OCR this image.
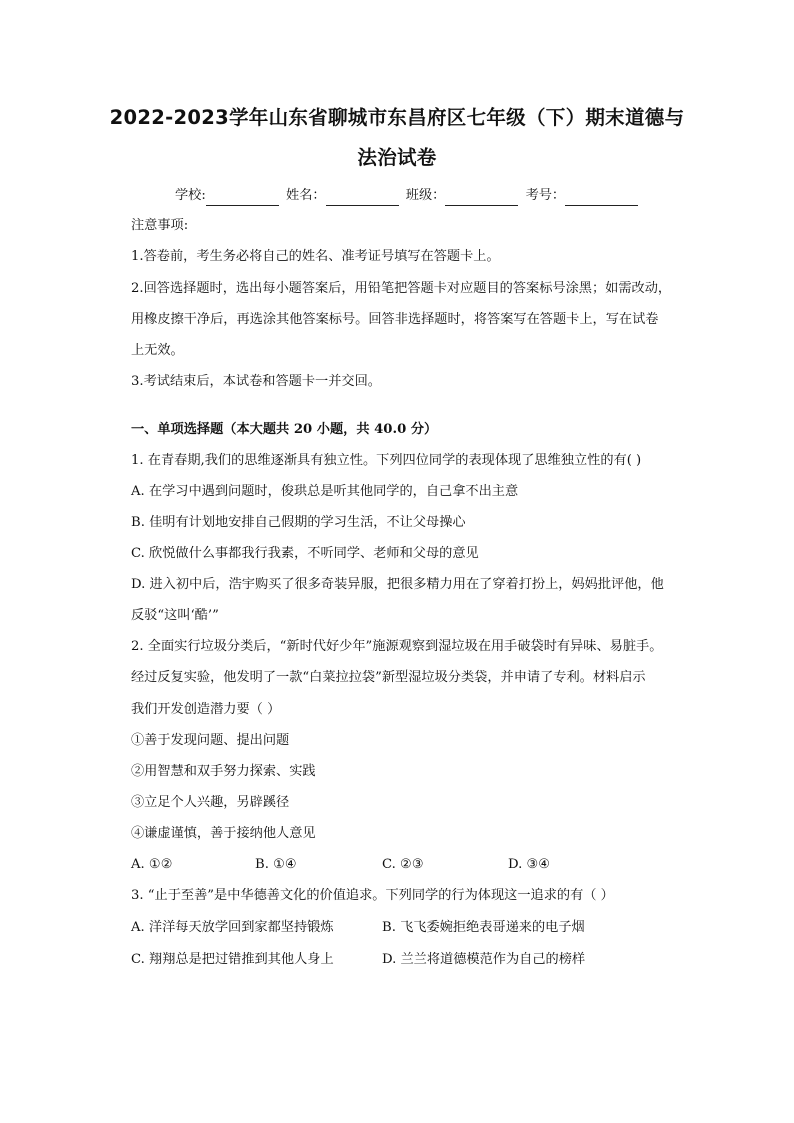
2022-2023学年山东省聊城市东昌府区七年级（下）期末道德与
法治试卷
学校:	姓名：	班级：	考号：
注意事项:
1.答卷前，考生务必将自己的姓名、准考证号填写在答题卡上。
2.回答选择题时，选出每小题答案后，用铅笔把答题卡对应题目的答案标号涂黑；如需改动，
用橡皮擦干净后，再选涂其他答案标号。回答非选择题时，将答案写在答题卡上，写在试卷
上无效。
3.考试结束后，本试卷和答题卡一并交回。
一、单项选择题（本大题共 20 小题，共 40.0 分）
1. 在青春期,我们的思维逐渐具有独立性。下列四位同学的表现体现了思维独立性的有( )
A. 在学习中遇到问题时，俊珙总是听其他同学的，自己拿不出主意
B. 佳明有计划地安排自己假期的学习生活，不让父母操心
C. 欣悦做什么事都我行我素，不听同学、老师和父母的意见
D. 进入初中后，浩宇购买了很多奇装异服，把很多精力用在了穿着打扮上，妈妈批评他，他
反驳“这叫‘酷’”
2. 全面实行垃圾分类后，“新时代好少年”施源观察到湿垃圾在用手破袋时有异味、易脏手。
经过反复实验，他发明了一款“白菜拉拉袋”新型湿垃圾分类袋，并申请了专利。材料启示
我们开发创造潜力要（ ）
①善于发现问题、提出问题
②用智慧和双手努力探索、实践
③立足个人兴趣，另辟蹊径
④谦虚谨慎，善于接纳他人意见
A. ①②	B. ①④	C. ②③	D. ③④
3. “止于至善”是中华德善文化的价值追求。下列同学的行为体现这一追求的有（ ）
A. 洋洋每天放学回到家都坚持锻炼	B. 飞飞委婉拒绝表哥递来的电子烟
C. 翔翔总是把过错推到其他人身上	D. 兰兰将道德模范作为自己的榜样
